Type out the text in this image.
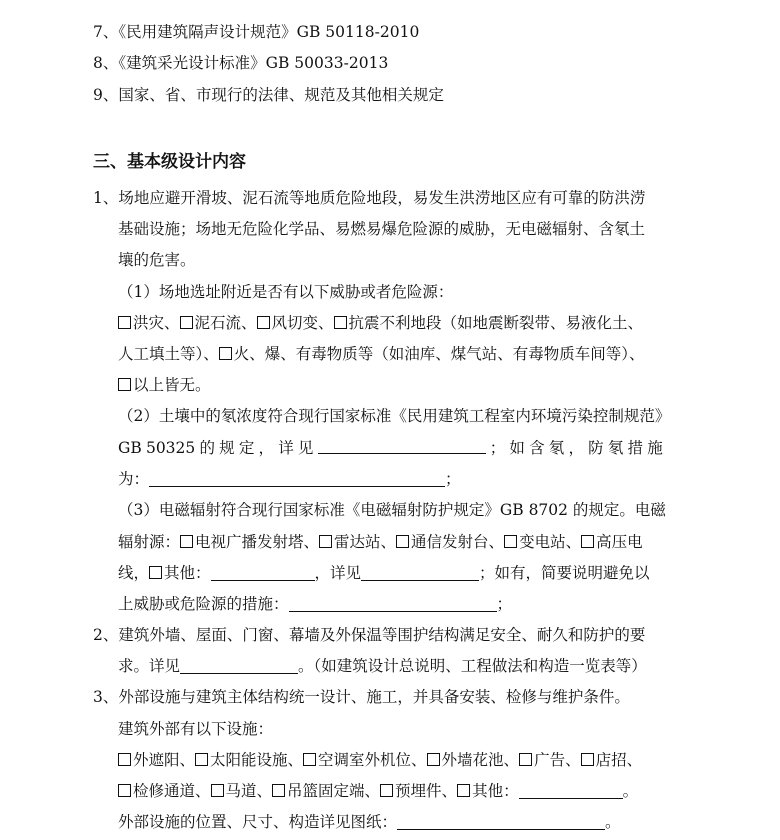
7、《民用建筑隔声设计规范》GB 50118-2010
8、《建筑采光设计标准》GB 50033-2013
9、国家、省、市现行的法律、规范及其他相关规定
三、基本级设计内容
1、场地应避开滑坡、泥石流等地质危险地段，易发生洪涝地区应有可靠的防洪涝
基础设施；场地无危险化学品、易燃易爆危险源的威胁，无电磁辐射、含氡土
壤的危害。
（1）场地选址附近是否有以下威胁或者危险源：
洪灾、 泥石流、 风切变、 抗震不利地段（如地震断裂带、易液化土、
人工填土等）、 火、爆、有毒物质等（如油库、煤气站、有毒物质车间等）、
以上皆无。
（2）土壤中的氡浓度符合现行国家标准《民用建筑工程室内环境污染控制规范》
GB 50325 的 规 定 ， 详 见	； 如 含 氡 ， 防 氡 措 施
为：	；
（3）电磁辐射符合现行国家标准《电磁辐射防护规定》GB 8702 的规定。电磁
辐射源： 电视广播发射塔、 雷达站、 通信发射台、 变电站、 高压电
线， 其他：	，详见	；如有，简要说明避免以
上威胁或危险源的措施：	；
2、建筑外墙、屋面、门窗、幕墙及外保温等围护结构满足安全、耐久和防护的要
求。详见	。（如建筑设计总说明、工程做法和构造一览表等）
3、外部设施与建筑主体结构统一设计、施工，并具备安装、检修与维护条件。
建筑外部有以下设施：
外遮阳、 太阳能设施、 空调室外机位、 外墙花池、 广告、 店招、
检修通道、 马道、 吊篮固定端、 预埋件、 其他：	。
外部设施的位置、尺寸、构造详见图纸：	。
